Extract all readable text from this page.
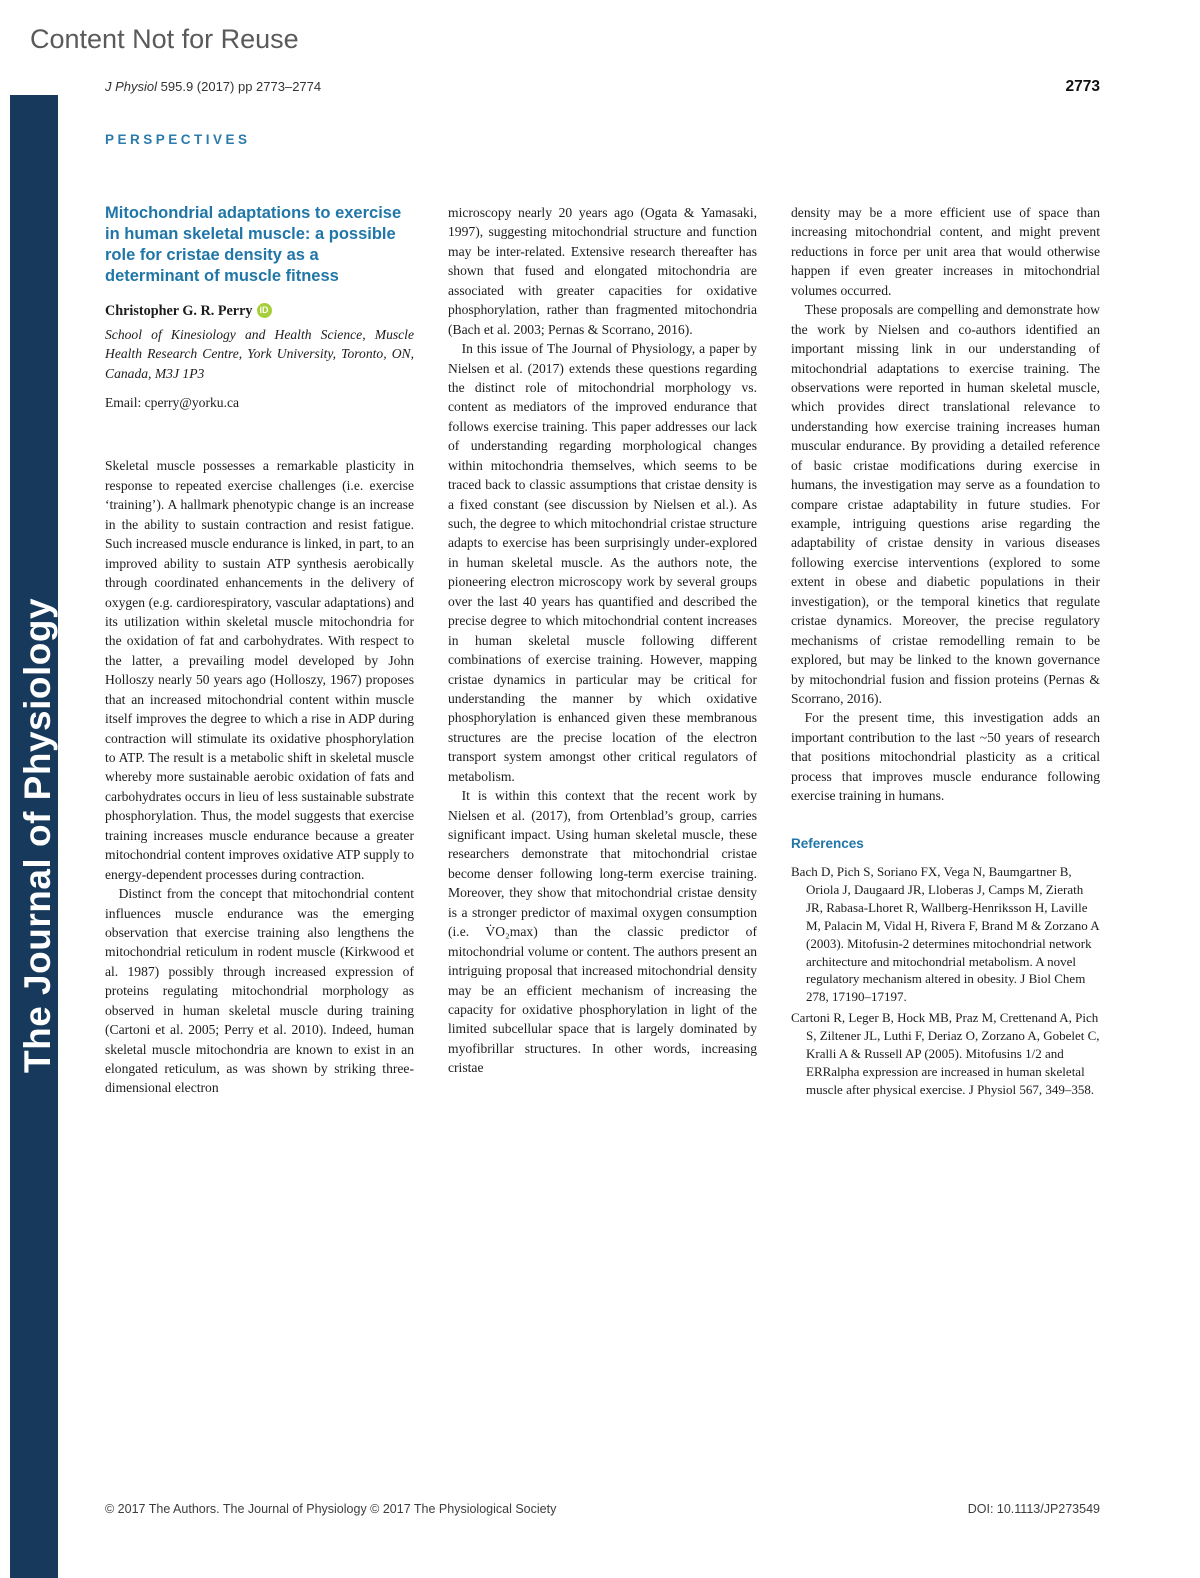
Content Not for Reuse
The Journal of Physiology
J Physiol 595.9 (2017) pp 2773–2774	2773
PERSPECTIVES
Mitochondrial adaptations to exercise in human skeletal muscle: a possible role for cristae density as a determinant of muscle fitness
Christopher G. R. Perry iD
School of Kinesiology and Health Science, Muscle Health Research Centre, York University, Toronto, ON, Canada, M3J 1P3
Email: cperry@yorku.ca

Skeletal muscle possesses a remarkable plasticity in response to repeated exercise challenges (i.e. exercise ‘training’). A hallmark phenotypic change is an increase in the ability to sustain contraction and resist fatigue. Such increased muscle endurance is linked, in part, to an improved ability to sustain ATP synthesis aerobically through coordinated enhancements in the delivery of oxygen (e.g. cardiorespiratory, vascular adaptations) and its utilization within skeletal muscle mitochondria for the oxidation of fat and carbohydrates. With respect to the latter, a prevailing model developed by John Holloszy nearly 50 years ago (Holloszy, 1967) proposes that an increased mitochondrial content within muscle itself improves the degree to which a rise in ADP during contraction will stimulate its oxidative phosphorylation to ATP. The result is a metabolic shift in skeletal muscle whereby more sustainable aerobic oxidation of fats and carbohydrates occurs in lieu of less sustainable substrate phosphorylation. Thus, the model suggests that exercise training increases muscle endurance because a greater mitochondrial content improves oxidative ATP supply to energy-dependent processes during contraction.

Distinct from the concept that mitochondrial content influences muscle endurance was the emerging observation that exercise training also lengthens the mitochondrial reticulum in rodent muscle (Kirkwood et al. 1987) possibly through increased expression of proteins regulating mitochondrial morphology as observed in human skeletal muscle during training (Cartoni et al. 2005; Perry et al. 2010). Indeed, human skeletal muscle mitochondria are known to exist in an elongated reticulum, as was shown by striking three-dimensional electron

microscopy nearly 20 years ago (Ogata & Yamasaki, 1997), suggesting mitochondrial structure and function may be inter-related. Extensive research thereafter has shown that fused and elongated mitochondria are associated with greater capacities for oxidative phosphorylation, rather than fragmented mitochondria (Bach et al. 2003; Pernas & Scorrano, 2016).

In this issue of The Journal of Physiology, a paper by Nielsen et al. (2017) extends these questions regarding the distinct role of mitochondrial morphology vs. content as mediators of the improved endurance that follows exercise training. This paper addresses our lack of understanding regarding morphological changes within mitochondria themselves, which seems to be traced back to classic assumptions that cristae density is a fixed constant (see discussion by Nielsen et al.). As such, the degree to which mitochondrial cristae structure adapts to exercise has been surprisingly under-explored in human skeletal muscle. As the authors note, the pioneering electron microscopy work by several groups over the last 40 years has quantified and described the precise degree to which mitochondrial content increases in human skeletal muscle following different combinations of exercise training. However, mapping cristae dynamics in particular may be critical for understanding the manner by which oxidative phosphorylation is enhanced given these membranous structures are the precise location of the electron transport system amongst other critical regulators of metabolism.

It is within this context that the recent work by Nielsen et al. (2017), from Ortenblad’s group, carries significant impact. Using human skeletal muscle, these researchers demonstrate that mitochondrial cristae become denser following long-term exercise training. Moreover, they show that mitochondrial cristae density is a stronger predictor of maximal oxygen consumption (i.e. V̇O₂max) than the classic predictor of mitochondrial volume or content. The authors present an intriguing proposal that increased mitochondrial density may be an efficient mechanism of increasing the capacity for oxidative phosphorylation in light of the limited subcellular space that is largely dominated by myofibrillar structures. In other words, increasing cristae

density may be a more efficient use of space than increasing mitochondrial content, and might prevent reductions in force per unit area that would otherwise happen if even greater increases in mitochondrial volumes occurred.

These proposals are compelling and demonstrate how the work by Nielsen and co-authors identified an important missing link in our understanding of mitochondrial adaptations to exercise training. The observations were reported in human skeletal muscle, which provides direct translational relevance to understanding how exercise training increases human muscular endurance. By providing a detailed reference of basic cristae modifications during exercise in humans, the investigation may serve as a foundation to compare cristae adaptability in future studies. For example, intriguing questions arise regarding the adaptability of cristae density in various diseases following exercise interventions (explored to some extent in obese and diabetic populations in their investigation), or the temporal kinetics that regulate cristae dynamics. Moreover, the precise regulatory mechanisms of cristae remodelling remain to be explored, but may be linked to the known governance by mitochondrial fusion and fission proteins (Pernas & Scorrano, 2016).

For the present time, this investigation adds an important contribution to the last ~50 years of research that positions mitochondrial plasticity as a critical process that improves muscle endurance following exercise training in humans.

References
Bach D, Pich S, Soriano FX, Vega N, Baumgartner B, Oriola J, Daugaard JR, Lloberas J, Camps M, Zierath JR, Rabasa-Lhoret R, Wallberg-Henriksson H, Laville M, Palacin M, Vidal H, Rivera F, Brand M & Zorzano A (2003). Mitofusin-2 determines mitochondrial network architecture and mitochondrial metabolism. A novel regulatory mechanism altered in obesity. J Biol Chem 278, 17190–17197.
Cartoni R, Leger B, Hock MB, Praz M, Crettenand A, Pich S, Ziltener JL, Luthi F, Deriaz O, Zorzano A, Gobelet C, Kralli A & Russell AP (2005). Mitofusins 1/2 and ERRalpha expression are increased in human skeletal muscle after physical exercise. J Physiol 567, 349–358.
© 2017 The Authors. The Journal of Physiology © 2017 The Physiological Society	DOI: 10.1113/JP273549
